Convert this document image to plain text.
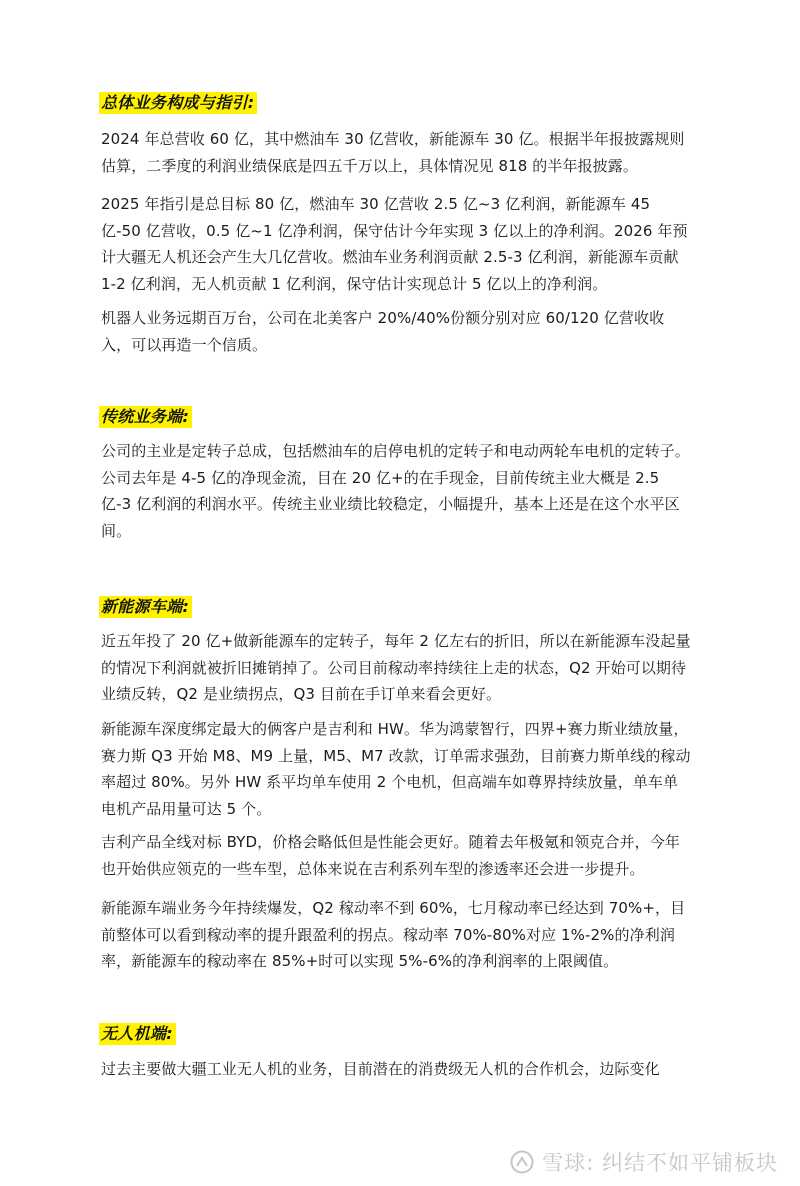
总体业务构成与指引:

2024 年总营收 60 亿，其中燃油车 30 亿营收，新能源车 30 亿。根据半年报披露规则估算，二季度的利润业绩保底是四五千万以上，具体情况见 818 的半年报披露。

2025 年指引是总目标 80 亿，燃油车 30 亿营收 2.5 亿~3 亿利润，新能源车 45 亿-50 亿营收，0.5 亿~1 亿净利润，保守估计今年实现 3 亿以上的净利润。2026 年预计大疆无人机还会产生大几亿营收。燃油车业务利润贡献 2.5-3 亿利润，新能源车贡献 1-2 亿利润，无人机贡献 1 亿利润，保守估计实现总计 5 亿以上的净利润。

机器人业务远期百万台，公司在北美客户 20%/40%份额分别对应 60/120 亿营收收入，可以再造一个信质。

传统业务端:

公司的主业是定转子总成，包括燃油车的启停电机的定转子和电动两轮车电机的定转子。公司去年是 4-5 亿的净现金流，目在 20 亿+的在手现金，目前传统主业大概是 2.5 亿-3 亿利润的利润水平。传统主业业绩比较稳定，小幅提升，基本上还是在这个水平区间。

新能源车端:

近五年投了 20 亿+做新能源车的定转子，每年 2 亿左右的折旧，所以在新能源车没起量的情况下利润就被折旧摊销掉了。公司目前稼动率持续往上走的状态，Q2 开始可以期待业绩反转，Q2 是业绩拐点，Q3 目前在手订单来看会更好。

新能源车深度绑定最大的俩客户是吉利和 HW。华为鸿蒙智行，四界+赛力斯业绩放量，赛力斯 Q3 开始 M8、M9 上量，M5、M7 改款，订单需求强劲，目前赛力斯单线的稼动率超过 80%。另外 HW 系平均单车使用 2 个电机，但高端车如尊界持续放量，单车单电机产品用量可达 5 个。

吉利产品全线对标 BYD，价格会略低但是性能会更好。随着去年极氪和领克合并，今年也开始供应领克的一些车型，总体来说在吉利系列车型的渗透率还会进一步提升。

新能源车端业务今年持续爆发，Q2 稼动率不到 60%，七月稼动率已经达到 70%+，目前整体可以看到稼动率的提升跟盈利的拐点。稼动率 70%-80%对应 1%-2%的净利润率，新能源车的稼动率在 85%+时可以实现 5%-6%的净利润率的上限阈值。

无人机端:

过去主要做大疆工业无人机的业务，目前潜在的消费级无人机的合作机会，边际变化

雪球: 纠结不如平铺板块
